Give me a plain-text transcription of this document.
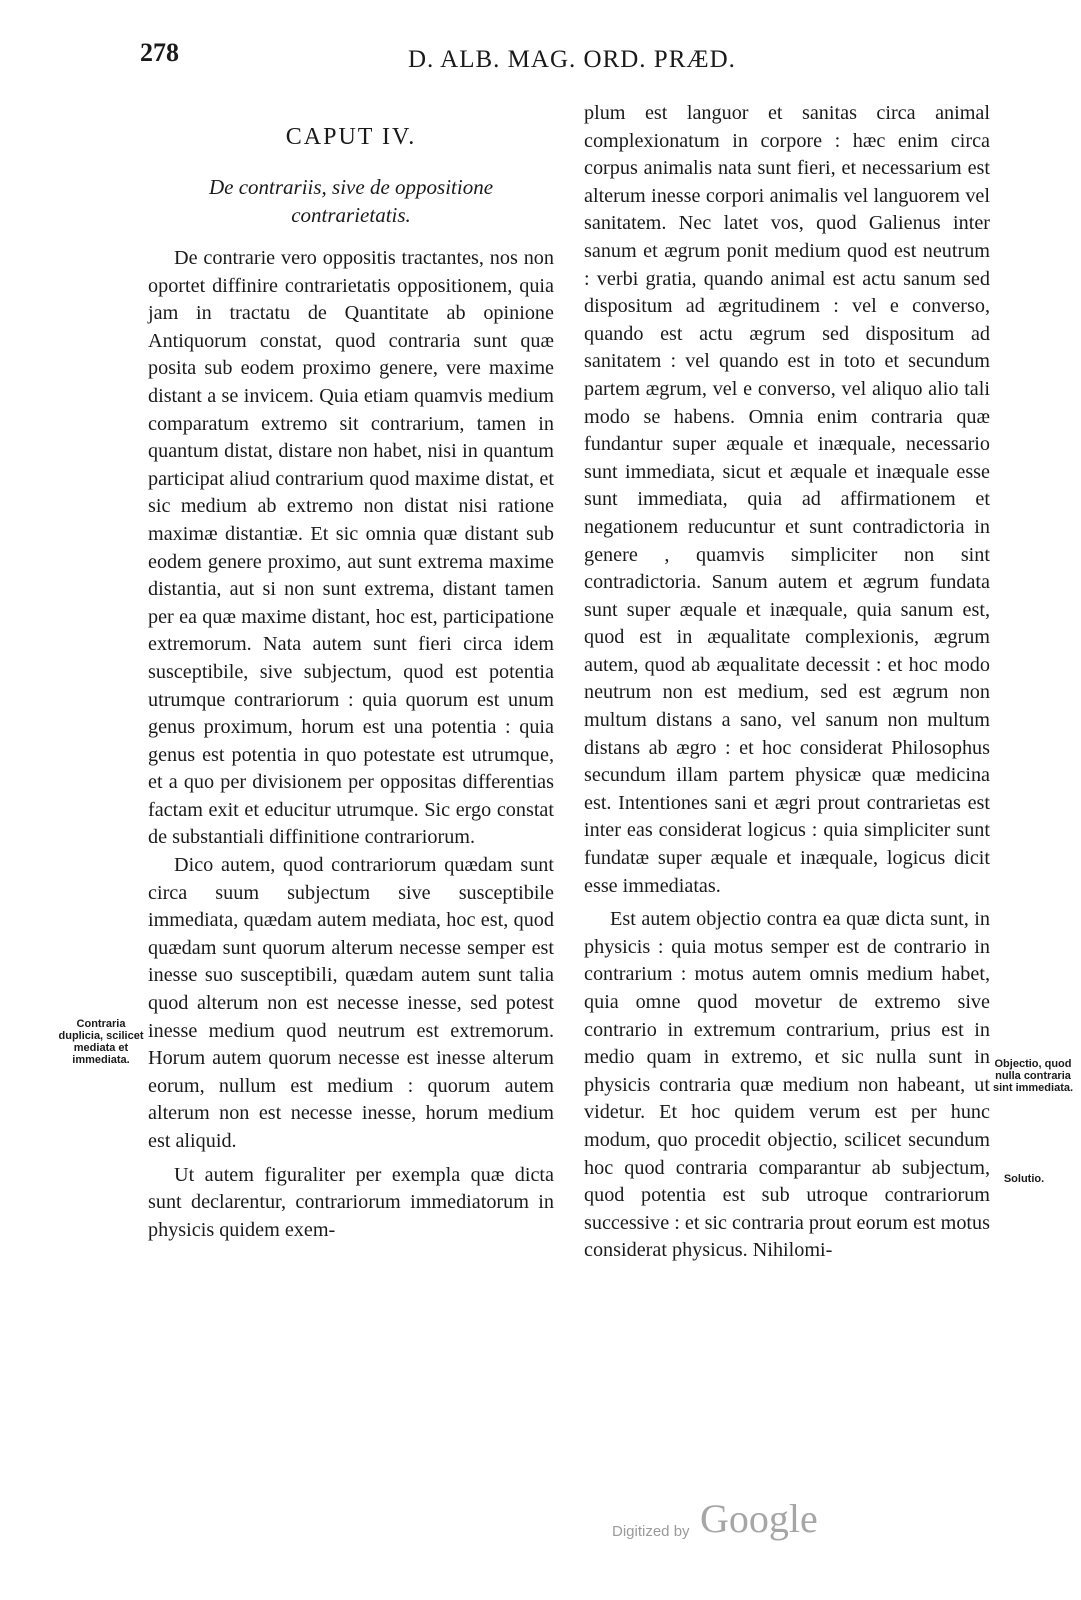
278	D. ALB. MAG. ORD. PRÆD.
CAPUT IV.
De contrariis, sive de oppositione contrarietatis.

De contrarie vero oppositis tractantes, nos non oportet diffinire contrarietatis oppositionem, quia jam in tractatu de Quantitate ab opinione Antiquorum constat, quod contraria sunt quæ posita sub eodem proximo genere, vere maxime distant a se invicem. Quia etiam quamvis medium comparatum extremo sit contrarium, tamen in quantum distat, distare non habet, nisi in quantum participat aliud contrarium quod maxime distat, et sic medium ab extremo non distat nisi ratione maximæ distantiæ. Et sic omnia quæ distant sub eodem genere proximo, aut sunt extrema maxime distantia, aut si non sunt extrema, distant tamen per ea quæ maxime distant, hoc est, participatione extremorum. Nata autem sunt fieri circa idem susceptibile, sive subjectum, quod est potentia utrumque contrariorum : quia quorum est unum genus proximum, horum est una potentia : quia genus est potentia in quo potestate est utrumque, et a quo per divisionem per oppositas differentias factam exit et educitur utrumque. Sic ergo constat de substantiali diffinitione contrariorum.

Dico autem, quod contrariorum quædam sunt circa suum subjectum sive susceptibile immediata, quædam autem mediata, hoc est, quod quædam sunt quorum alterum necesse semper est inesse suo susceptibili, quædam autem sunt talia quod alterum non est necesse inesse, sed potest inesse medium quod neutrum est extremorum. Horum autem quorum necesse est inesse alterum eorum, nullum est medium : quorum autem alterum non est necesse inesse, horum medium est aliquid.

Ut autem figuraliter per exempla quæ dicta sunt declarentur, contrariorum immediatorum in physicis quidem exem-

plum est languor et sanitas circa animal complexionatum in corpore : hæc enim circa corpus animalis nata sunt fieri, et necessarium est alterum inesse corpori animalis vel languorem vel sanitatem. Nec latet vos, quod Galienus inter sanum et ægrum ponit medium quod est neutrum : verbi gratia, quando animal est actu sanum sed dispositum ad ægritudinem : vel e converso, quando est actu ægrum sed dispositum ad sanitatem : vel quando est in toto et secundum partem ægrum, vel e converso, vel aliquo alio tali modo se habens. Omnia enim contraria quæ fundantur super æquale et inæquale, necessario sunt immediata, sicut et æquale et inæquale esse sunt immediata, quia ad affirmationem et negationem reducuntur et sunt contradictoria in genere , quamvis simpliciter non sint contradictoria. Sanum autem et ægrum fundata sunt super æquale et inæquale, quia sanum est, quod est in æqualitate complexionis, ægrum autem, quod ab æqualitate decessit : et hoc modo neutrum non est medium, sed est ægrum non multum distans a sano, vel sanum non multum distans ab ægro : et hoc considerat Philosophus secundum illam partem physicæ quæ medicina est. Intentiones sani et ægri prout contrarietas est inter eas considerat logicus : quia simpliciter sunt fundatæ super æquale et inæquale, logicus dicit esse immediatas.

Est autem objectio contra ea quæ dicta sunt, in physicis : quia motus semper est de contrario in contrarium : motus autem omnis medium habet, quia omne quod movetur de extremo sive contrario in extremum contrarium, prius est in medio quam in extremo, et sic nulla sunt in physicis contraria quæ medium non habeant, ut videtur. Et hoc quidem verum est per hunc modum, quo procedit objectio, scilicet secundum hoc quod contraria comparantur ab subjectum, quod potentia est sub utroque contrariorum successive : et sic contraria prout eorum est motus considerat physicus. Nihilomi-

Contraria duplicia, scilicet mediata et immediata.	Objectio, quod nulla contraria sint immediata.
Solutio.
Digitized by Google
